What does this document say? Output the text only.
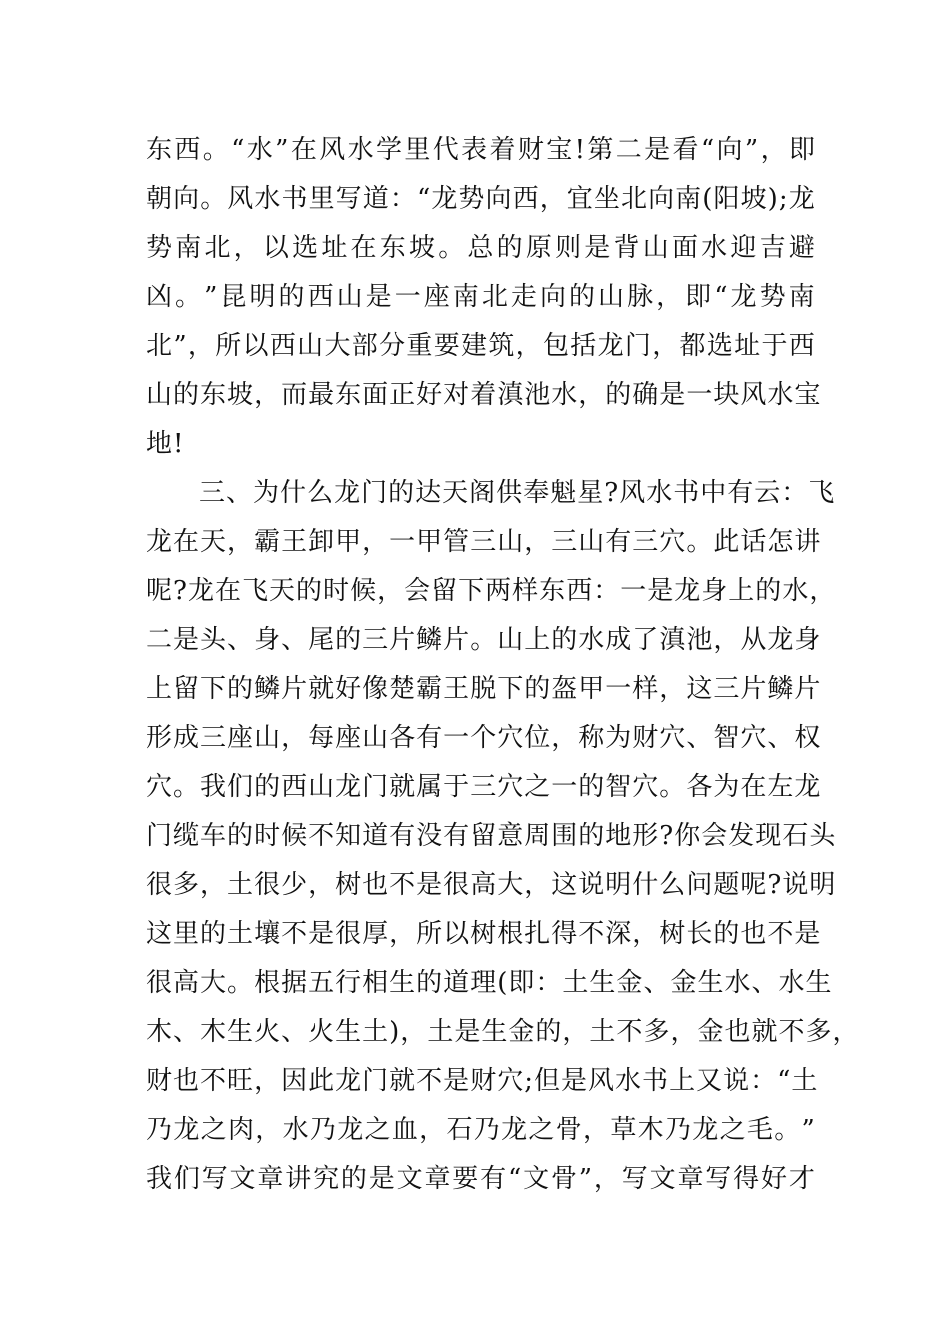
东 西 。 “ 水 ” 在 风 水 学 里 代 表 着 财 宝 ! 第 二 是 看 “ 向 ” ， 即
朝 向 。 风 水 书 里 写 道 ： “ 龙 势 向 西 ， 宜 坐 北 向 南 ( 阳 坡 ) ; 龙
势 南 北 ， 以 选 址 在 东 坡 。 总 的 原 则 是 背 山 面 水 迎 吉 避
凶 。 ” 昆 明 的 西 山 是 一 座 南 北 走 向 的 山 脉 ， 即 “ 龙 势 南
北 ” ， 所 以 西 山 大 部 分 重 要 建 筑 ， 包 括 龙 门 ， 都 选 址 于 西
山 的 东 坡 ， 而 最 东 面 正 好 对 着 滇 池 水 ， 的 确 是 一 块 风 水 宝
地!
三 、 为 什 么 龙 门 的 达 天 阁 供 奉 魁 星 ? 风 水 书 中 有 云 ： 飞
龙 在 天 ， 霸 王 卸 甲 ， 一 甲 管 三 山 ， 三 山 有 三 穴 。 此 话 怎 讲
呢 ? 龙 在 飞 天 的 时 候 ， 会 留 下 两 样 东 西 ： 一 是 龙 身 上 的 水 ，
二 是 头 、 身 、 尾 的 三 片 鳞 片 。 山 上 的 水 成 了 滇 池 ， 从 龙 身
上 留 下 的 鳞 片 就 好 像 楚 霸 王 脱 下 的 盔 甲 一 样 ， 这 三 片 鳞 片
形 成 三 座 山 ， 每 座 山 各 有 一 个 穴 位 ， 称 为 财 穴 、 智 穴 、 权
穴 。 我 们 的 西 山 龙 门 就 属 于 三 穴 之 一 的 智 穴 。 各 为 在 左 龙
门 缆 车 的 时 候 不 知 道 有 没 有 留 意 周 围 的 地 形 ? 你 会 发 现 石 头
很 多 ， 土 很 少 ， 树 也 不 是 很 高 大 ， 这 说 明 什 么 问 题 呢 ? 说 明
这 里 的 土 壤 不 是 很 厚 ， 所 以 树 根 扎 得 不 深 ， 树 长 的 也 不 是
很 高 大 。 根 据 五 行 相 生 的 道 理 ( 即 ： 土 生 金 、 金 生 水 、 水 生
木 、 木 生 火 、 火 生 土 ) ， 土 是 生 金 的 ， 土 不 多 ， 金 也 就 不 多 ，
财 也 不 旺 ， 因 此 龙 门 就 不 是 财 穴 ; 但 是 风 水 书 上 又 说 ： “ 土
乃 龙 之 肉 ， 水 乃 龙 之 血 ， 石 乃 龙 之 骨 ， 草 木 乃 龙 之 毛 。 ”
我 们 写 文 章 讲 究 的 是 文 章 要 有 “ 文 骨 ” ， 写 文 章 写 得 好 才
